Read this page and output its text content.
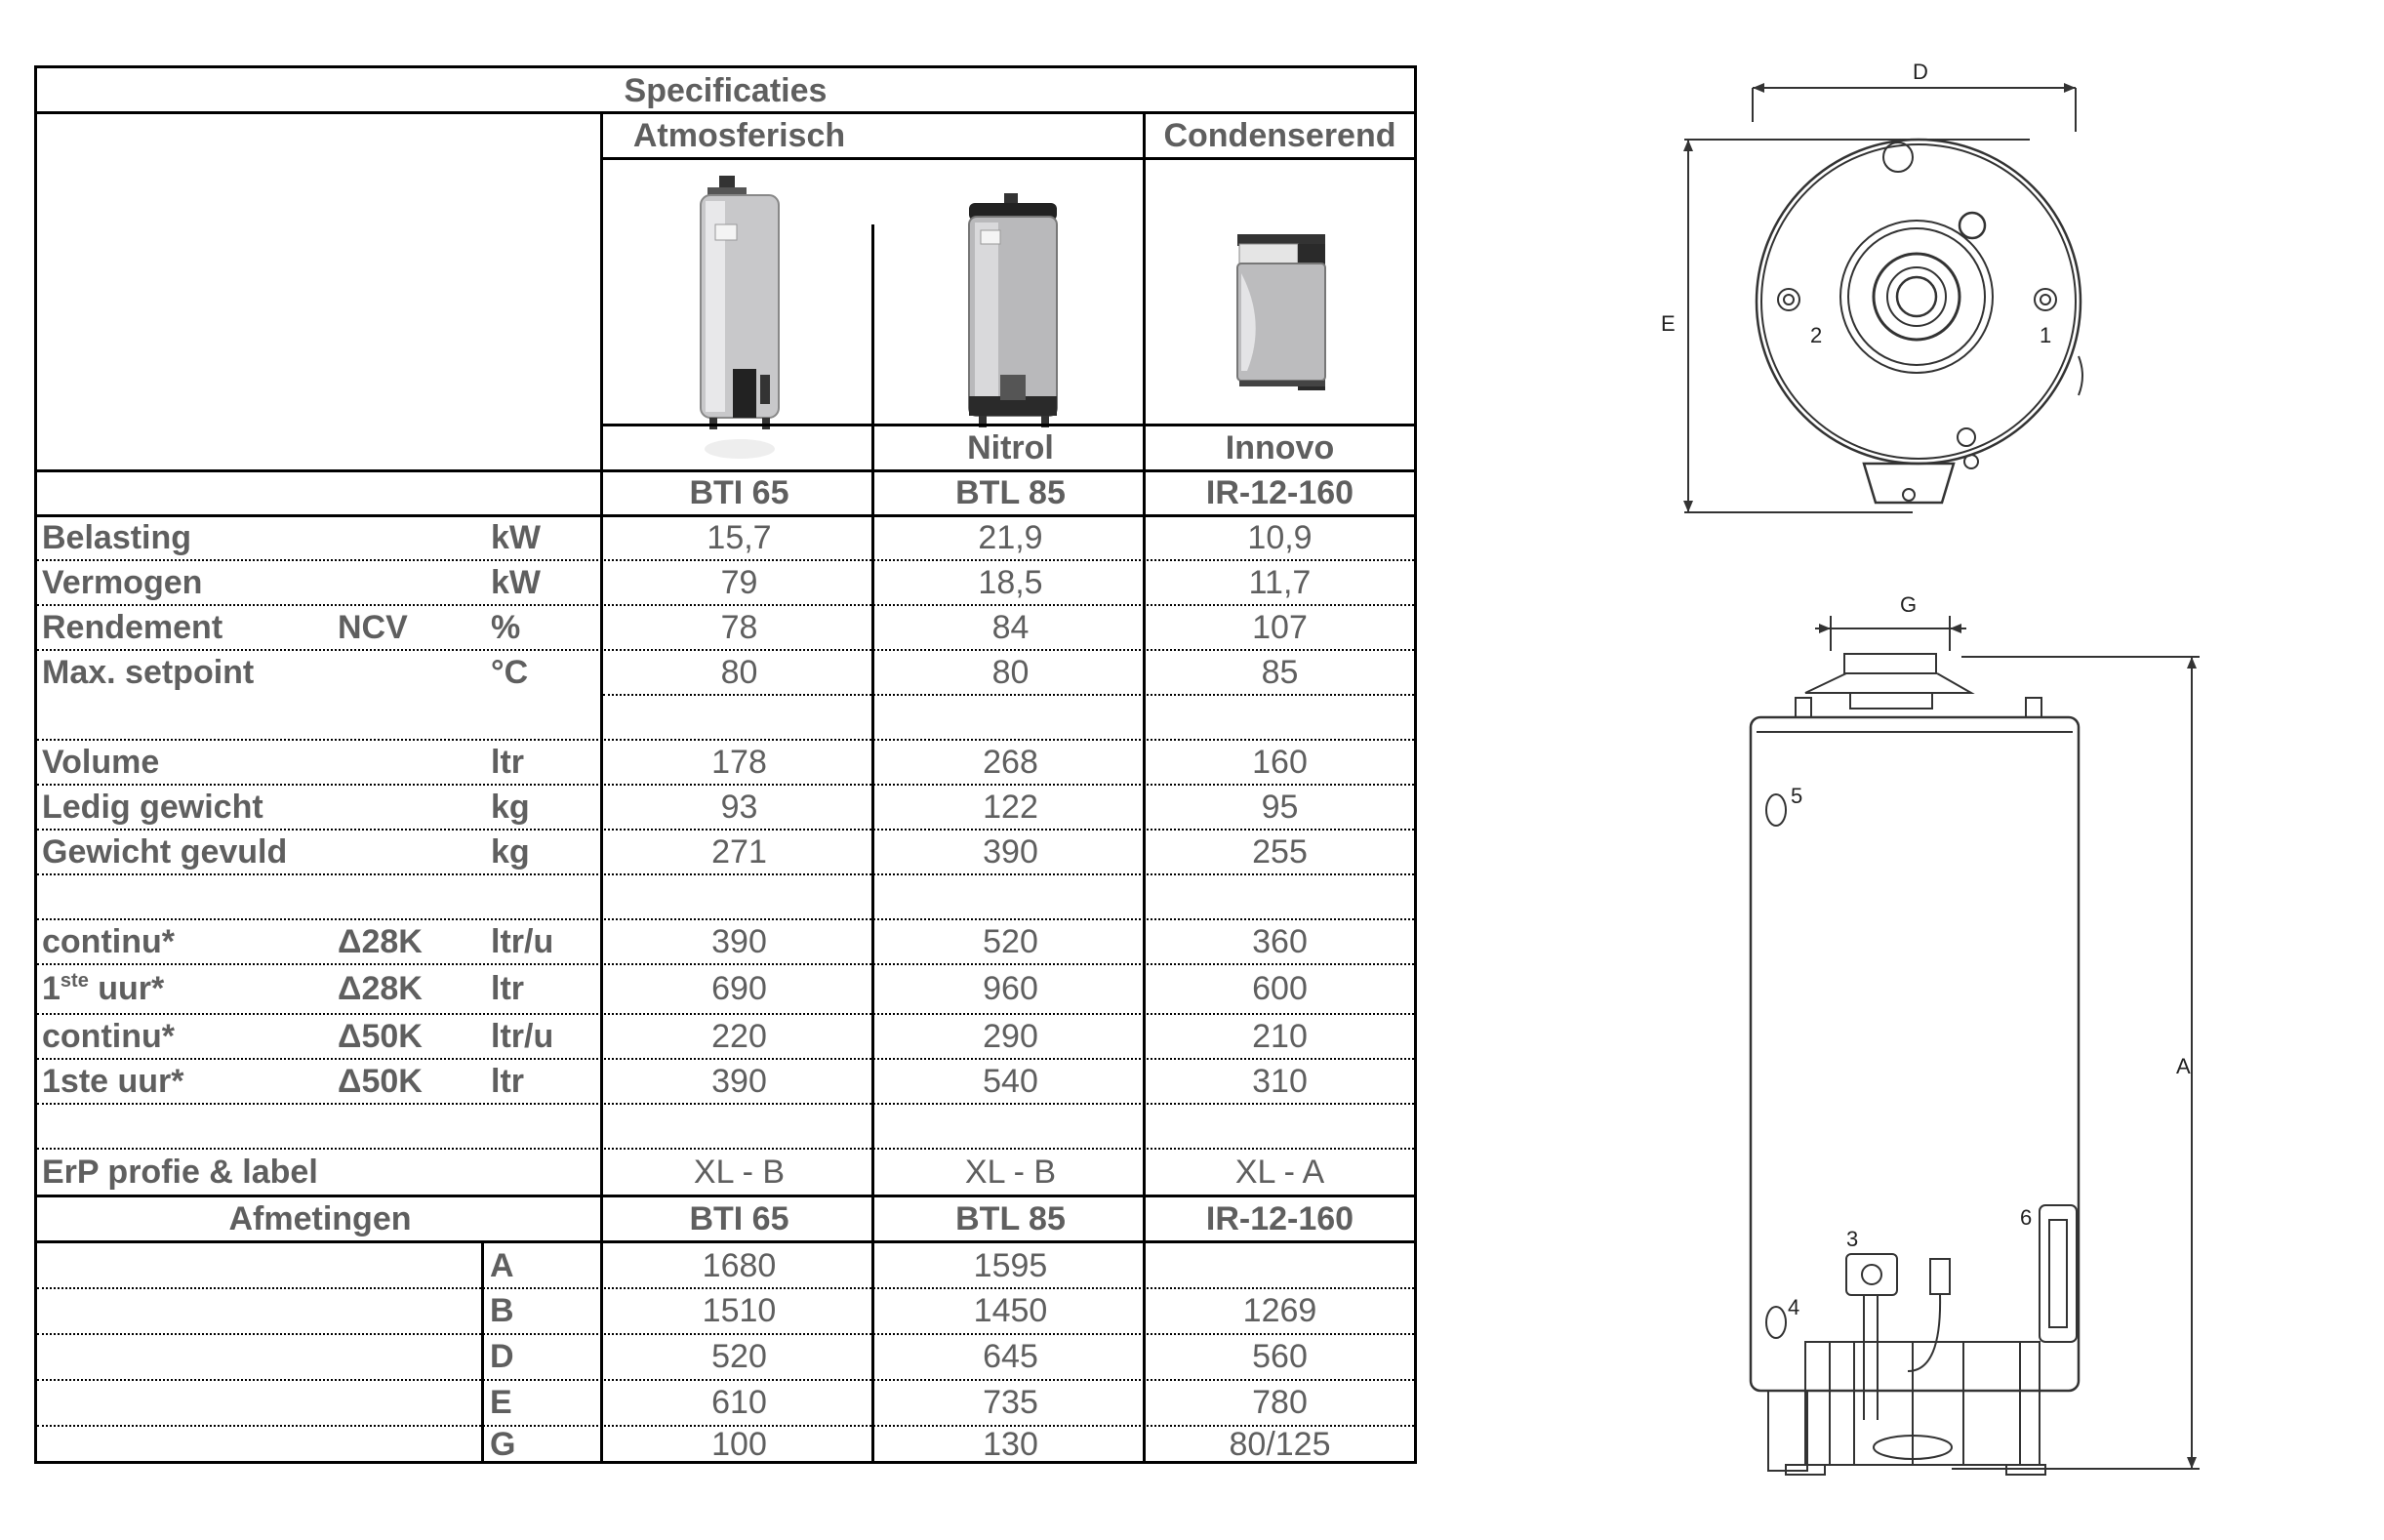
Specificaties
Atmosferisch	Condenserend
Nitrol	Innovo
BTI 65	BTL 85	IR-12-160
Belasting	kW	15,7	21,9	10,9
Vermogen	kW	79	18,5	11,7
Rendement	NCV	%	78	84	107
Max. setpoint	°C	80	80	85
Volume	ltr	178	268	160
Ledig gewicht	kg	93	122	95
Gewicht gevuld	kg	271	390	255
continu*	Δ28K ltr/u	390	520	360
1ste uur*	Δ28K ltr	690	960	600
continu*	Δ50K ltr/u	220	290	210
1ste uur*	Δ50K ltr	390	540	310
ErP profie & label	XL - B	XL - B	XL - A
Afmetingen	BTI 65	BTL 85	IR-12-160
A	1680	1595
B	1510	1450	1269
D	520	645	560
E	610	735	780
G	100	130	80/125
D
E	2	1
G
A
3
4
5
6
